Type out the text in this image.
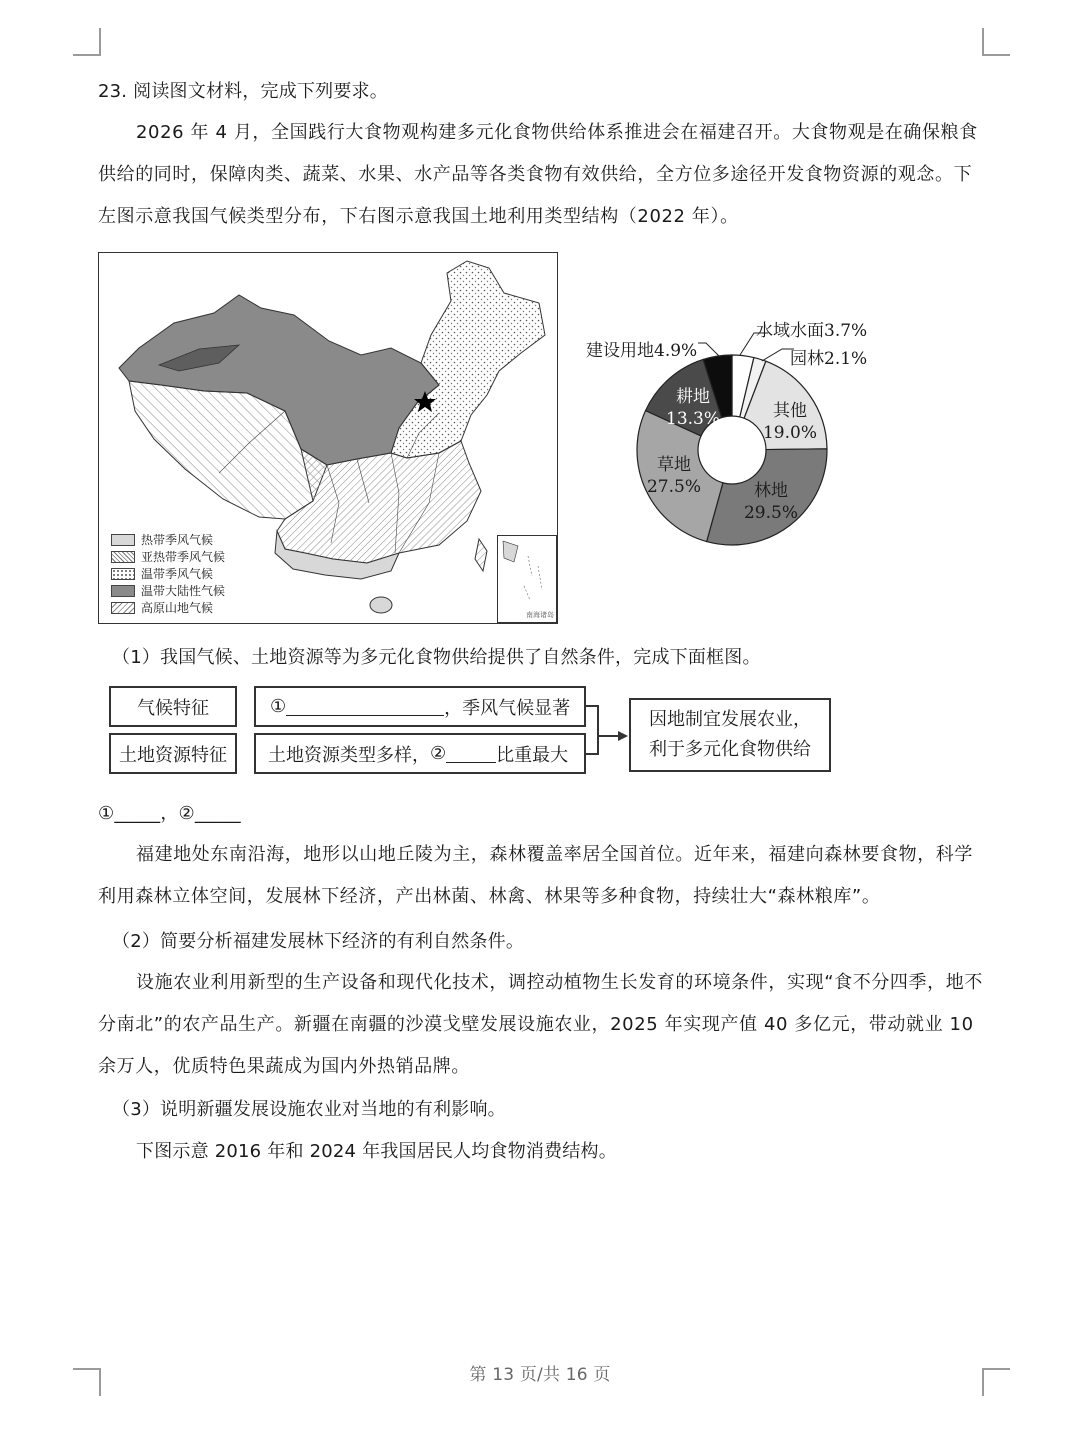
23. 阅读图文材料，完成下列要求。
2026 年 4 月，全国践行大食物观构建多元化食物供给体系推进会在福建召开。大食物观是在确保粮食供给的同时，保障肉类、蔬菜、水果、水产品等各类食物有效供给，全方位多途径开发食物资源的观念。下左图示意我国气候类型分布，下右图示意我国土地利用类型结构（2022 年）。
热带季风气候
亚热带季风气候
温带季风气候
温带大陆性气候
高原山地气候	南海诸岛
水域水面3.7%
园林2.1%
建设用地4.9%
其他
19.0%
林地
29.5%
草地
27.5%
耕地
13.3%
（1）我国气候、土地资源等为多元化食物供给提供了自然条件，完成下面框图。
气候特征
土地资源特征
①	，季风气候显著
土地资源类型多样， ②	比重最大
因地制宜发展农业，
利于多元化食物供给
①_____，②_____
福建地处东南沿海，地形以山地丘陵为主，森林覆盖率居全国首位。近年来，福建向森林要食物，科学利用森林立体空间，发展林下经济，产出林菌、林禽、林果等多种食物，持续壮大“森林粮库”。
（2）简要分析福建发展林下经济的有利自然条件。
设施农业利用新型的生产设备和现代化技术，调控动植物生长发育的环境条件，实现“食不分四季，地不分南北”的农产品生产。新疆在南疆的沙漠戈壁发展设施农业，2025 年实现产值 40 多亿元，带动就业 10 余万人，优质特色果蔬成为国内外热销品牌。
（3）说明新疆发展设施农业对当地的有利影响。
下图示意 2016 年和 2024 年我国居民人均食物消费结构。
第 13 页/共 16 页
